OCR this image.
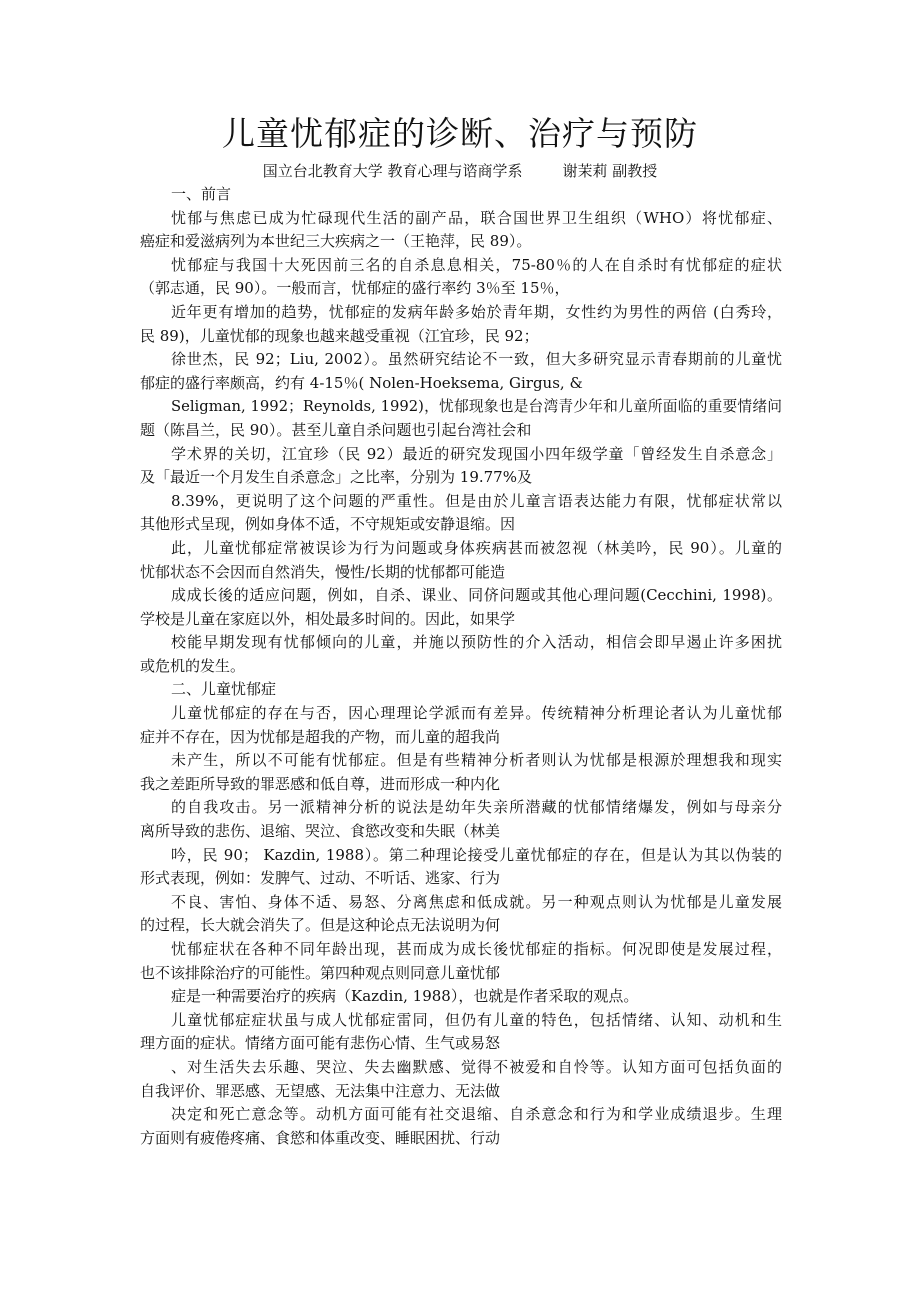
儿童忧郁症的诊断、治疗与预防
国立台北教育大学 教育心理与谘商学系	谢茉莉 副教授
一、前言
忧郁与焦虑已成为忙碌现代生活的副产品，联合国世界卫生组织（WHO）将忧郁症、
癌症和爱滋病列为本世纪三大疾病之一（王艳萍，民 89）。
忧郁症与我国十大死因前三名的自杀息息相关，75-80％的人在自杀时有忧郁症的症状
（郭志通，民 90）。一般而言，忧郁症的盛行率约 3％至 15％，
近年更有增加的趋势，忧郁症的发病年龄多始於青年期，女性约为男性的两倍 (白秀玲，
民 89)，儿童忧郁的现象也越来越受重视（江宜珍，民 92；
徐世杰，民 92；Liu, 2002）。虽然研究结论不一致，但大多研究显示青春期前的儿童忧
郁症的盛行率颇高，约有 4-15％( Nolen-Hoeksema, Girgus, &
Seligman, 1992；Reynolds, 1992)，忧郁现象也是台湾青少年和儿童所面临的重要情绪问
题（陈昌兰，民 90）。甚至儿童自杀问题也引起台湾社会和
学术界的关切，江宜珍（民 92）最近的研究发现国小四年级学童「曾经发生自杀意念」
及「最近一个月发生自杀意念」之比率，分别为 19.77%及
8.39%，更说明了这个问题的严重性。但是由於儿童言语表达能力有限，忧郁症状常以
其他形式呈现，例如身体不适，不守规矩或安静退缩。因
此，儿童忧郁症常被误诊为行为问题或身体疾病甚而被忽视（林美吟，民 90）。儿童的
忧郁状态不会因而自然消失，慢性/长期的忧郁都可能造
成成长後的适应问题，例如，自杀、课业、同侪问题或其他心理问题(Cecchini, 1998)。
学校是儿童在家庭以外，相处最多时间的。因此，如果学
校能早期发现有忧郁倾向的儿童，并施以预防性的介入活动，相信会即早遏止许多困扰
或危机的发生。
二、儿童忧郁症
儿童忧郁症的存在与否，因心理理论学派而有差异。传统精神分析理论者认为儿童忧郁
症并不存在，因为忧郁是超我的产物，而儿童的超我尚
未产生，所以不可能有忧郁症。但是有些精神分析者则认为忧郁是根源於理想我和现实
我之差距所导致的罪恶感和低自尊，进而形成一种内化
的自我攻击。另一派精神分析的说法是幼年失亲所潜藏的忧郁情绪爆发，例如与母亲分
离所导致的悲伤、退缩、哭泣、食慾改变和失眠（林美
吟，民 90； Kazdin, 1988）。第二种理论接受儿童忧郁症的存在，但是认为其以伪装的
形式表现，例如：发脾气、过动、不听话、逃家、行为
不良、害怕、身体不适、易怒、分离焦虑和低成就。另一种观点则认为忧郁是儿童发展
的过程，长大就会消失了。但是这种论点无法说明为何
忧郁症状在各种不同年龄出现，甚而成为成长後忧郁症的指标。何况即使是发展过程，
也不该排除治疗的可能性。第四种观点则同意儿童忧郁
症是一种需要治疗的疾病（Kazdin, 1988），也就是作者采取的观点。
儿童忧郁症症状虽与成人忧郁症雷同，但仍有儿童的特色，包括情绪、认知、动机和生
理方面的症状。情绪方面可能有悲伤心情、生气或易怒
、对生活失去乐趣、哭泣、失去幽默感、觉得不被爱和自怜等。认知方面可包括负面的
自我评价、罪恶感、无望感、无法集中注意力、无法做
决定和死亡意念等。动机方面可能有社交退缩、自杀意念和行为和学业成绩退步。生理
方面则有疲倦疼痛、食慾和体重改变、睡眠困扰、行动
